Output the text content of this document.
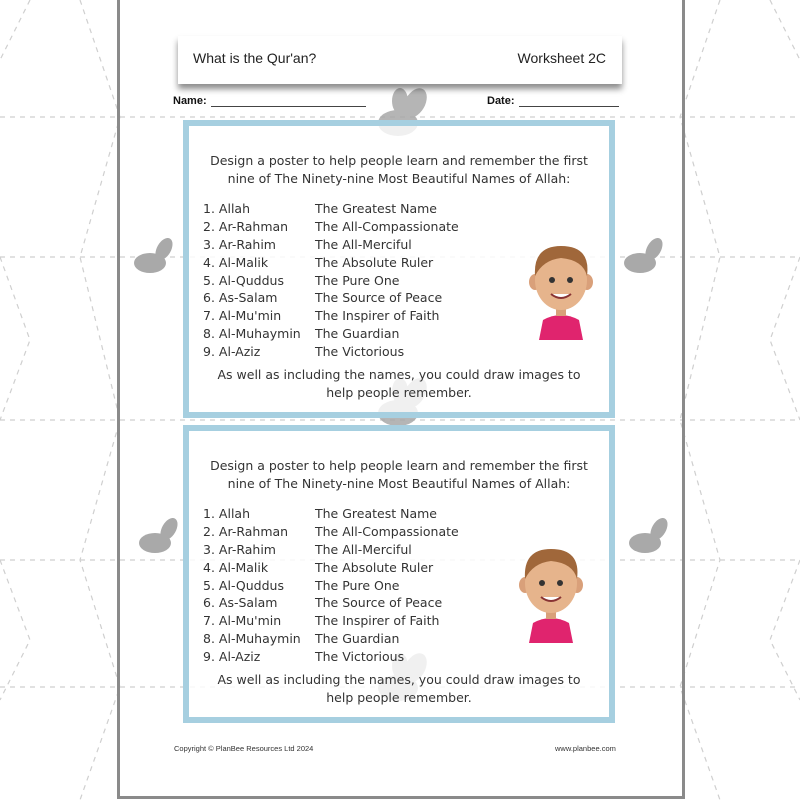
What is the Qur'an?	Worksheet 2C
Name:	Date:
Design a poster to help people learn and remember the first
nine of The Ninety-nine Most Beautiful Names of Allah:
1. Allah	The Greatest Name
2. Ar-Rahman The All-Compassionate
3. Ar-Rahim	The All-Merciful
4. Al-Malik	The Absolute Ruler
5. Al-Quddus The Pure One
6. As-Salam	The Source of Peace
7. Al-Mu'min	The Inspirer of Faith
8. Al-Muhaymin The Guardian
9. Al-Aziz	The Victorious
As well as including the names, you could draw images to
help people remember.
Design a poster to help people learn and remember the first
nine of The Ninety-nine Most Beautiful Names of Allah:
1. Allah	The Greatest Name
2. Ar-Rahman The All-Compassionate
3. Ar-Rahim	The All-Merciful
4. Al-Malik	The Absolute Ruler
5. Al-Quddus The Pure One
6. As-Salam	The Source of Peace
7. Al-Mu'min	The Inspirer of Faith
8. Al-Muhaymin The Guardian
9. Al-Aziz	The Victorious
As well as including the names, you could draw images to
help people remember.
Copyright © PlanBee Resources Ltd 2024	www.planbee.com
